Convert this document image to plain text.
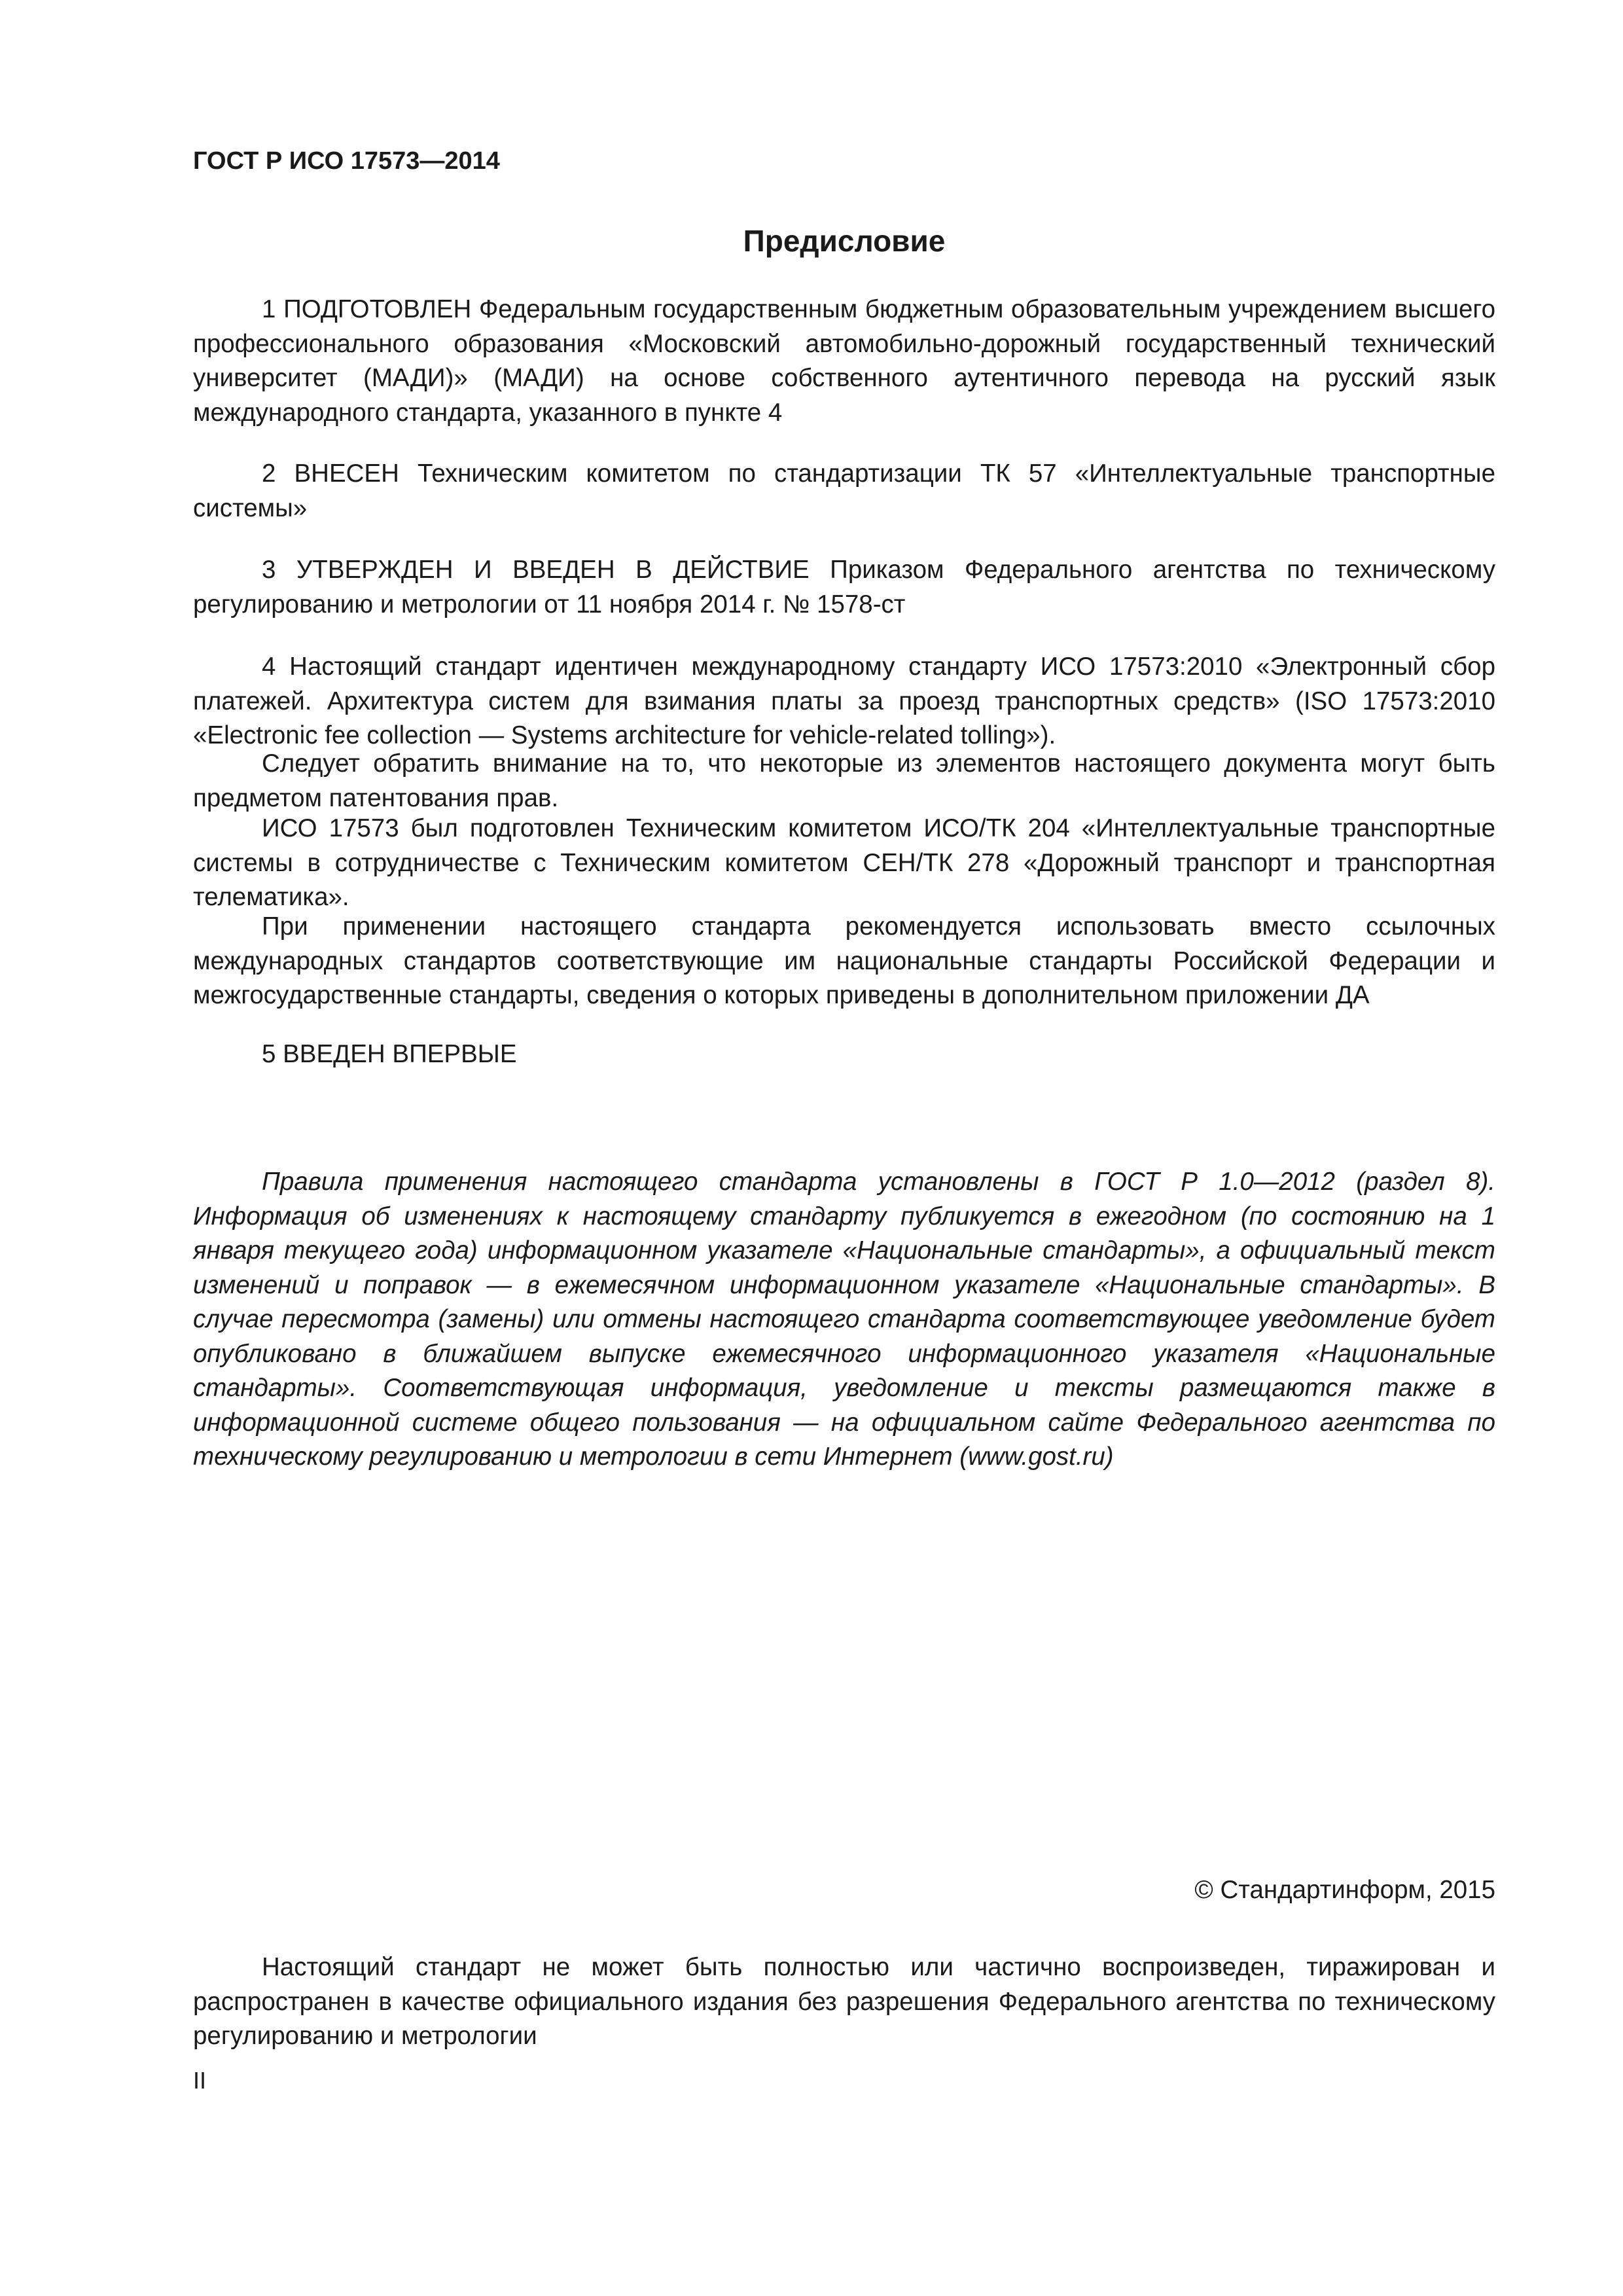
ГОСТ Р ИСО 17573—2014
Предисловие

1 ПОДГОТОВЛЕН Федеральным государственным бюджетным образовательным учреждением высшего профессионального образования «Московский автомобильно-дорожный государственный технический университет (МАДИ)» (МАДИ) на основе собственного аутентичного перевода на русский язык международного стандарта, указанного в пункте 4

2 ВНЕСЕН Техническим комитетом по стандартизации ТК 57 «Интеллектуальные транспортные системы»

3 УТВЕРЖДЕН И ВВЕДЕН В ДЕЙСТВИЕ Приказом Федерального агентства по техническому регулированию и метрологии от 11 ноября 2014 г. № 1578-ст

4 Настоящий стандарт идентичен международному стандарту ИСО 17573:2010 «Электронный сбор платежей. Архитектура систем для взимания платы за проезд транспортных средств» (ISO 17573:2010 «Electronic fee collection — Systems architecture for vehicle-related tolling»).

Следует обратить внимание на то, что некоторые из элементов настоящего документа могут быть предметом патентования прав.

ИСО 17573 был подготовлен Техническим комитетом ИСО/ТК 204 «Интеллектуальные транспортные системы в сотрудничестве с Техническим комитетом СЕН/ТК 278 «Дорожный транспорт и транспортная телематика».

При применении настоящего стандарта рекомендуется использовать вместо ссылочных международных стандартов соответствующие им национальные стандарты Российской Федерации и межгосударственные стандарты, сведения о которых приведены в дополнительном приложении ДА

5 ВВЕДЕН ВПЕРВЫЕ

Правила применения настоящего стандарта установлены в ГОСТ Р 1.0—2012 (раздел 8). Информация об изменениях к настоящему стандарту публикуется в ежегодном (по состоянию на 1 января текущего года) информационном указателе «Национальные стандарты», а официальный текст изменений и поправок — в ежемесячном информационном указателе «Национальные стандарты». В случае пересмотра (замены) или отмены настоящего стандарта соответствующее уведомление будет опубликовано в ближайшем выпуске ежемесячного информационного указателя «Национальные стандарты». Соответствующая информация, уведомление и тексты размещаются также в информационной системе общего пользования — на официальном сайте Федерального агентства по техническому регулированию и метрологии в сети Интернет (www.gost.ru)

© Стандартинформ, 2015

Настоящий стандарт не может быть полностью или частично воспроизведен, тиражирован и распространен в качестве официального издания без разрешения Федерального агентства по техническому регулированию и метрологии

II
